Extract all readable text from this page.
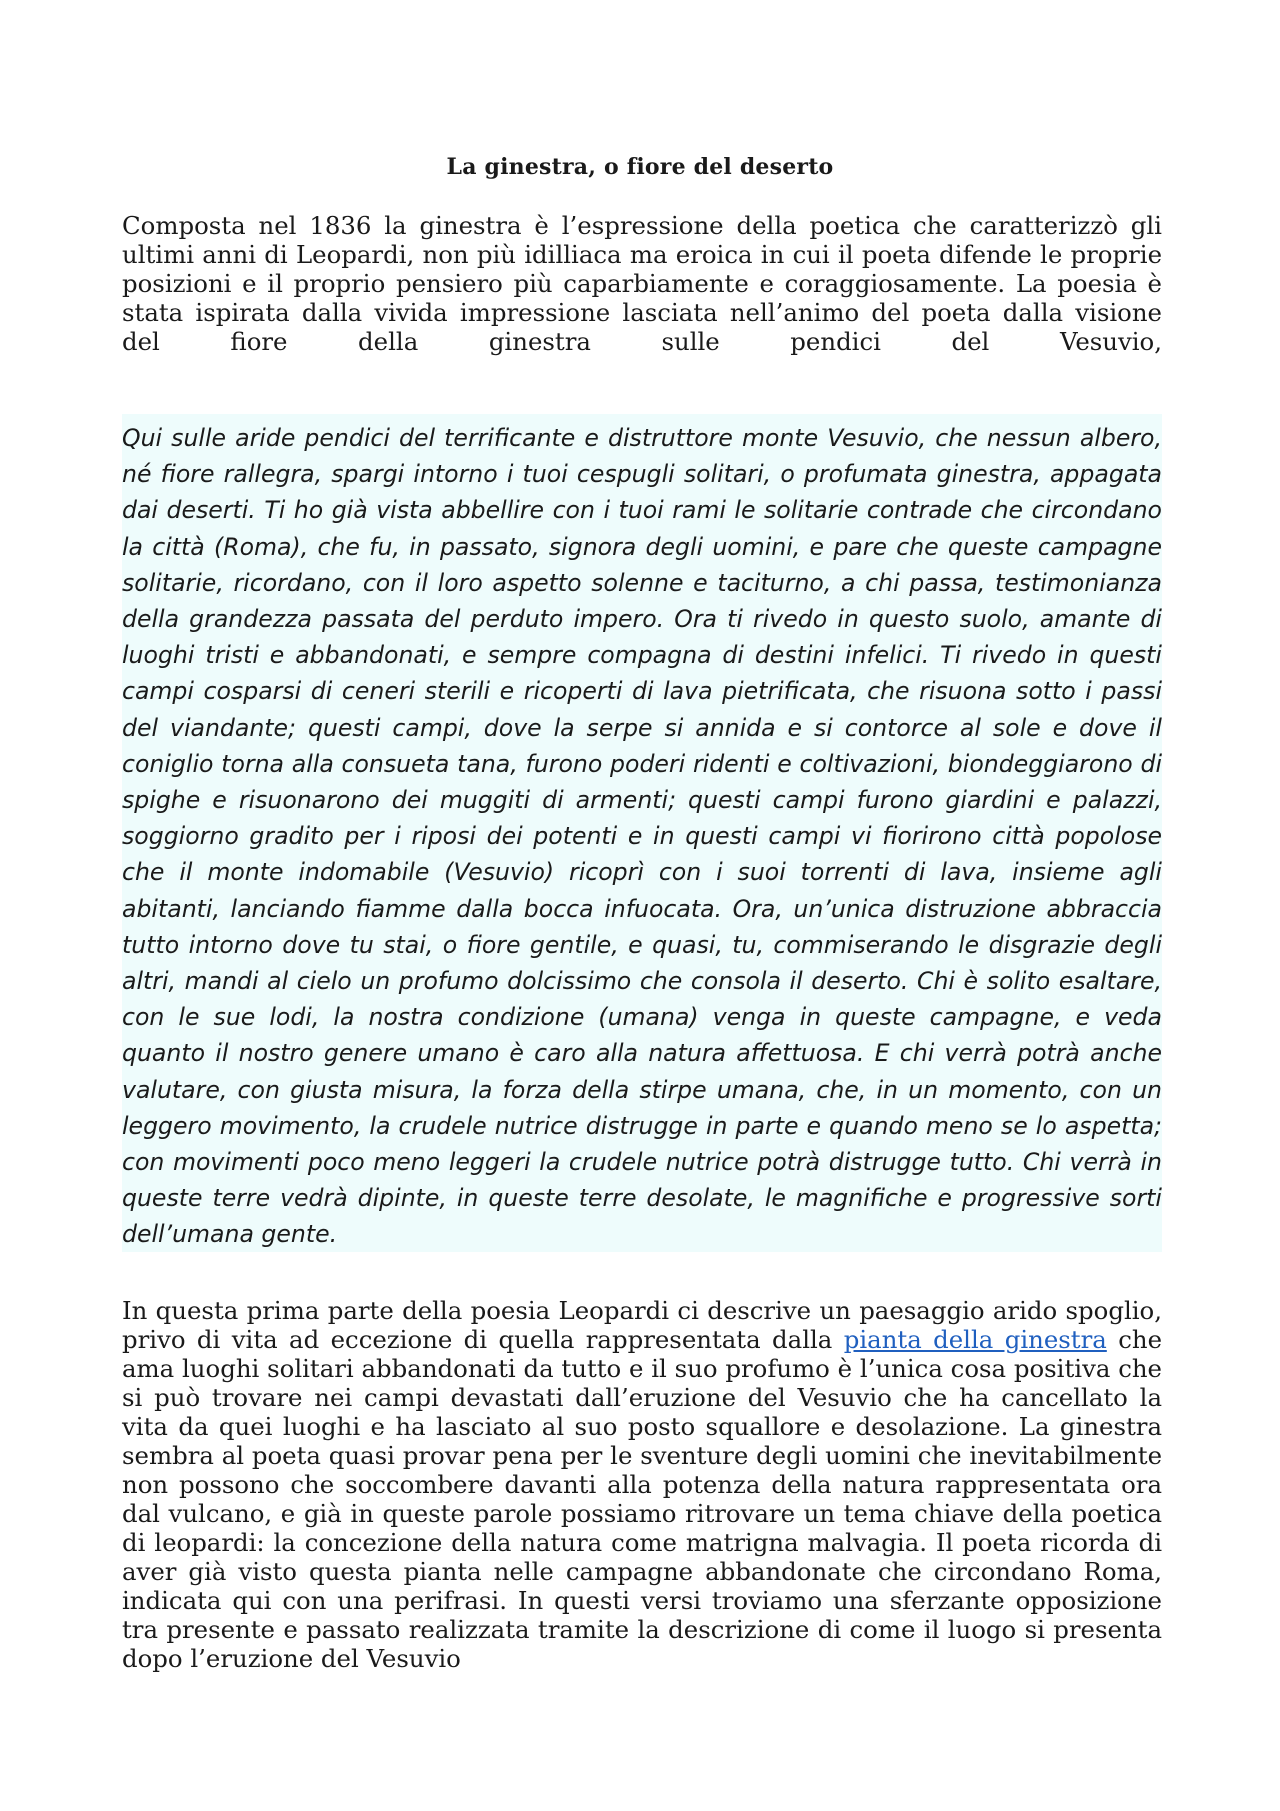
La ginestra, o fiore del deserto

Composta nel 1836 la ginestra è l’espressione della poetica che caratterizzò gli ultimi anni di Leopardi, non più idilliaca ma eroica in cui il poeta difende le proprie posizioni e il proprio pensiero più caparbiamente e coraggiosamente. La poesia è stata ispirata dalla vivida impressione lasciata nell’animo del poeta dalla visione del fiore della ginestra sulle pendici del Vesuvio,

Qui sulle aride pendici del terrificante e distruttore monte Vesuvio, che nessun albero, né fiore rallegra, spargi intorno i tuoi cespugli solitari, o profumata ginestra, appagata dai deserti. Ti ho già vista abbellire con i tuoi rami le solitarie contrade che circondano la città (Roma), che fu, in passato, signora degli uomini, e pare che queste campagne solitarie, ricordano, con il loro aspetto solenne e taciturno, a chi passa, testimonianza della grandezza passata del perduto impero. Ora ti rivedo in questo suolo, amante di luoghi tristi e abbandonati, e sempre compagna di destini infelici. Ti rivedo in questi campi cosparsi di ceneri sterili e ricoperti di lava pietrificata, che risuona sotto i passi del viandante; questi campi, dove la serpe si annida e si contorce al sole e dove il coniglio torna alla consueta tana, furono poderi ridenti e coltivazioni, biondeggiarono di spighe e risuonarono dei muggiti di armenti; questi campi furono giardini e palazzi, soggiorno gradito per i riposi dei potenti e in questi campi vi fiorirono città popolose che il monte indomabile (Vesuvio) ricoprì con i suoi torrenti di lava, insieme agli abitanti, lanciando fiamme dalla bocca infuocata. Ora, un’unica distruzione abbraccia tutto intorno dove tu stai, o fiore gentile, e quasi, tu, commiserando le disgrazie degli altri, mandi al cielo un profumo dolcissimo che consola il deserto. Chi è solito esaltare, con le sue lodi, la nostra condizione (umana) venga in queste campagne, e veda quanto il nostro genere umano è caro alla natura affettuosa. E chi verrà potrà anche valutare, con giusta misura, la forza della stirpe umana, che, in un momento, con un leggero movimento, la crudele nutrice distrugge in parte e quando meno se lo aspetta; con movimenti poco meno leggeri la crudele nutrice potrà distrugge tutto. Chi verrà in queste terre vedrà dipinte, in queste terre desolate, le magnifiche e progressive sorti dell’umana gente.

In questa prima parte della poesia Leopardi ci descrive un paesaggio arido spoglio, privo di vita ad eccezione di quella rappresentata dalla pianta della ginestra che ama luoghi solitari abbandonati da tutto e il suo profumo è l’unica cosa positiva che si può trovare nei campi devastati dall’eruzione del Vesuvio che ha cancellato la vita da quei luoghi e ha lasciato al suo posto squallore e desolazione. La ginestra sembra al poeta quasi provar pena per le sventure degli uomini che inevitabilmente non possono che soccombere davanti alla potenza della natura rappresentata ora dal vulcano, e già in queste parole possiamo ritrovare un tema chiave della poetica di leopardi: la concezione della natura come matrigna malvagia. Il poeta ricorda di aver già visto questa pianta nelle campagne abbandonate che circondano Roma, indicata qui con una perifrasi. In questi versi troviamo una sferzante opposizione tra presente e passato realizzata tramite la descrizione di come il luogo si presenta dopo l’eruzione del Vesuvio
